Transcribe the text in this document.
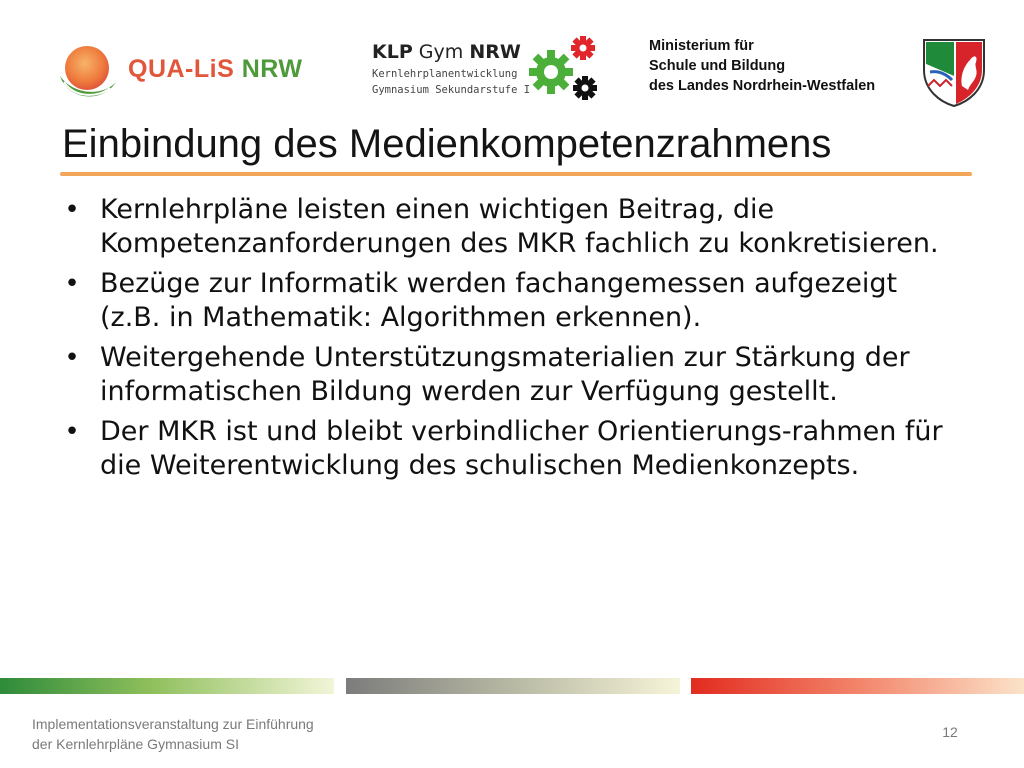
QUA-LiS NRW
KLP Gym NRW
Kernlehrplanentwicklung
Gymnasium Sekundarstufe I
Ministerium für
Schule und Bildung
des Landes Nordrhein-Westfalen
Einbindung des Medienkompetenzrahmens
• Kernlehrpläne leisten einen wichtigen Beitrag, die Kompetenzanforderungen des MKR fachlich zu konkretisieren.
• Bezüge zur Informatik werden fachangemessen aufgezeigt (z.B. in Mathematik: Algorithmen erkennen).
• Weitergehende Unterstützungsmaterialien zur Stärkung der informatischen Bildung werden zur Verfügung gestellt.
• Der MKR ist und bleibt verbindlicher Orientierungs-rahmen für die Weiterentwicklung des schulischen Medienkonzepts.
Implementationsveranstaltung zur Einführung
der Kernlehrpläne Gymnasium SI
12
